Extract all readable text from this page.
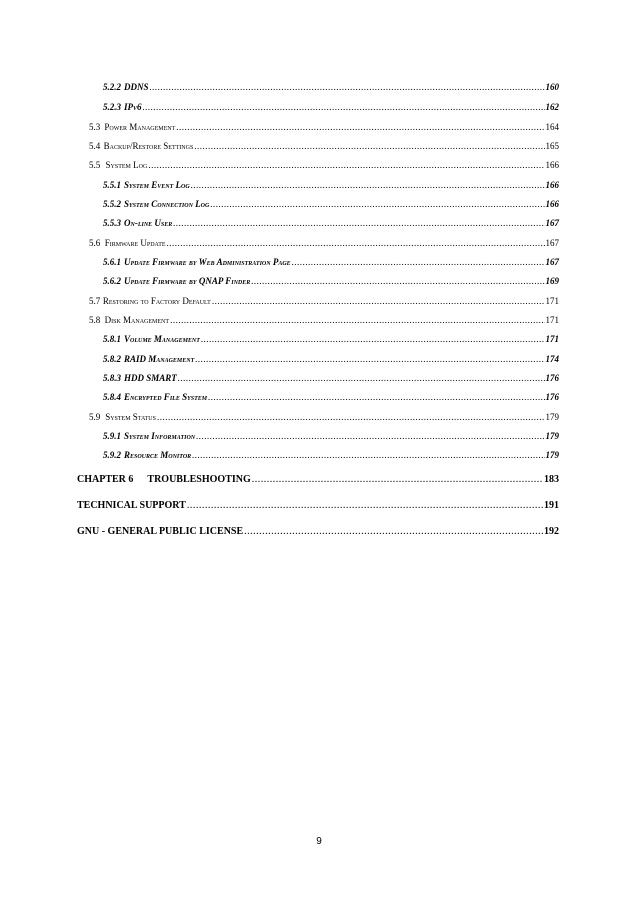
5.2.2 DDNS .....	160
5.2.3 IPv6 .....	162
5.3 Power Management .....	164
5.4 Backup/Restore Settings .....	165
5.5 System Log .....	166
5.5.1 System Event Log .....	166
5.5.2 System Connection Log .....	166
5.5.3 On-line User .....	167
5.6 Firmware Update .....	167
5.6.1 Update Firmware by Web Administration Page .....	167
5.6.2 Update Firmware by QNAP Finder .....	169
5.7 Restoring to Factory Default .....	171
5.8 Disk Management .....	171
5.8.1 Volume Management .....	171
5.8.2 RAID Management .....	174
5.8.3 HDD SMART .....	176
5.8.4 Encrypted File System .....	176
5.9 System Status .....	179
5.9.1 System Information .....	179
5.9.2 Resource Monitor .....	179
CHAPTER 6 TROUBLESHOOTING .....	183
TECHNICAL SUPPORT .....	191
GNU - GENERAL PUBLIC LICENSE .....	192
9
